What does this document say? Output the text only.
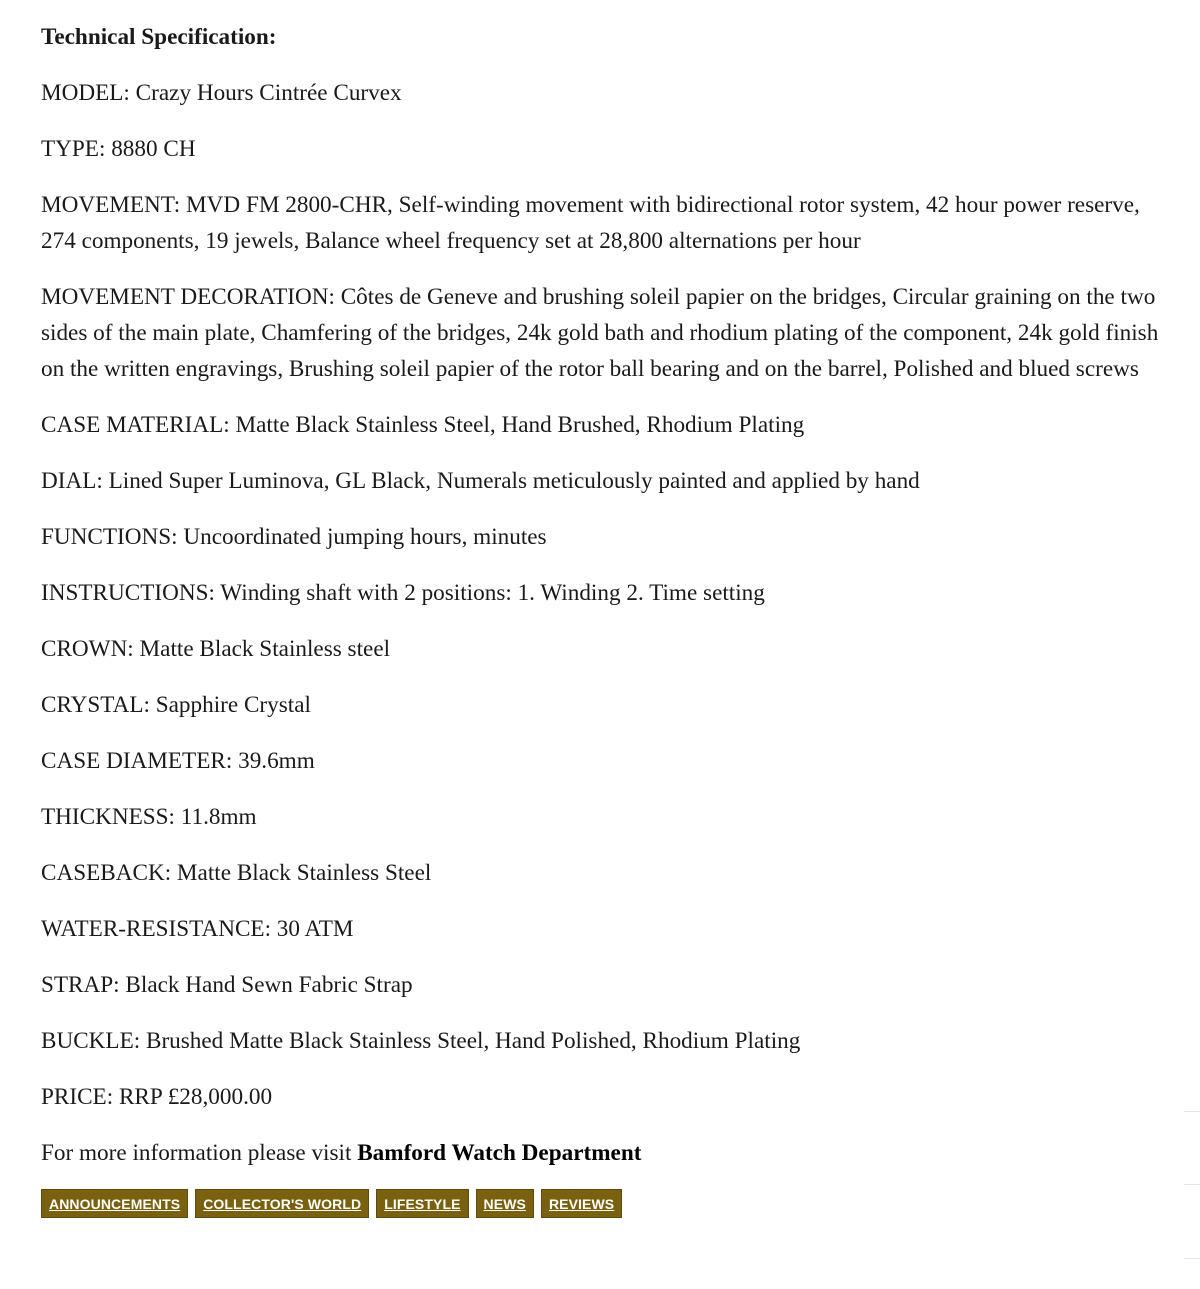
Technical Specification:

MODEL: Crazy Hours Cintrée Curvex

TYPE: 8880 CH

MOVEMENT: MVD FM 2800-CHR, Self-winding movement with bidirectional rotor system, 42 hour power reserve, 274 components, 19 jewels, Balance wheel frequency set at 28,800 alternations per hour

MOVEMENT DECORATION: Côtes de Geneve and brushing soleil papier on the bridges, Circular graining on the two sides of the main plate, Chamfering of the bridges, 24k gold bath and rhodium plating of the component, 24k gold finish on the written engravings, Brushing soleil papier of the rotor ball bearing and on the barrel, Polished and blued screws

CASE MATERIAL: Matte Black Stainless Steel, Hand Brushed, Rhodium Plating

DIAL: Lined Super Luminova, GL Black, Numerals meticulously painted and applied by hand

FUNCTIONS: Uncoordinated jumping hours, minutes

INSTRUCTIONS: Winding shaft with 2 positions: 1. Winding 2. Time setting

CROWN: Matte Black Stainless steel

CRYSTAL: Sapphire Crystal

CASE DIAMETER: 39.6mm

THICKNESS: 11.8mm

CASEBACK: Matte Black Stainless Steel

WATER-RESISTANCE: 30 ATM

STRAP: Black Hand Sewn Fabric Strap

BUCKLE: Brushed Matte Black Stainless Steel, Hand Polished, Rhodium Plating

PRICE: RRP £28,000.00

For more information please visit Bamford Watch Department

ANNOUNCEMENTS	COLLECTOR'S WORLD	LIFESTYLE	NEWS	REVIEWS
